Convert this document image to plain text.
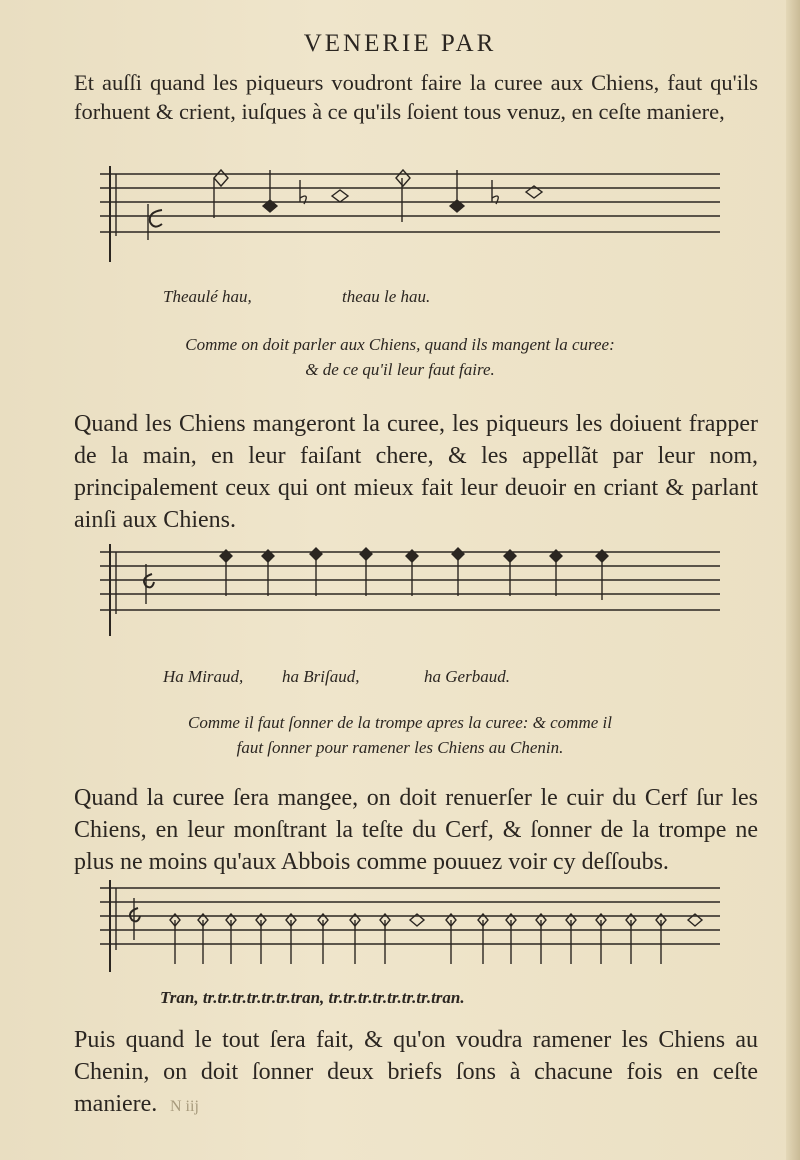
VENERIE PAR
Et auſſi quand les piqueurs voudront faire la curee aux Chiens, faut qu'ils forhuent & crient, iuſques à ce qu'ils ſoient tous venuz, en ceſte maniere,
Theaulé hau,	theau le hau.
Comme on doit parler aux Chiens, quand ils mangent la curee:
& de ce qu'il leur faut faire.
Quand les Chiens mangeront la curee, les piqueurs les doiuent frapper de la main, en leur faiſant chere, & les appellãt par leur nom, principalement ceux qui ont mieux fait leur deuoir en criant & parlant ainſi aux Chiens.
Ha Miraud, ha Briſaud,	ha Gerbaud.
Comme il faut ſonner de la trompe apres la curee: & comme il
faut ſonner pour ramener les Chiens au Chenin.
Quand la curee ſera mangee, on doit renuerſer le cuir du Cerf ſur les Chiens, en leur monſtrant la teſte du Cerf, & ſonner de la trompe ne plus ne moins qu'aux Abbois comme pouuez voir cy deſſoubs.
Tran, tr.tr.tr.tr.tr.tr.tran, tr.tr.tr.tr.tr.tr.tr.tran.
Puis quand le tout ſera fait, & qu'on voudra ramener les Chiens au Chenin, on doit ſonner deux briefs ſons à chacune fois en ceſte maniere. N iij
